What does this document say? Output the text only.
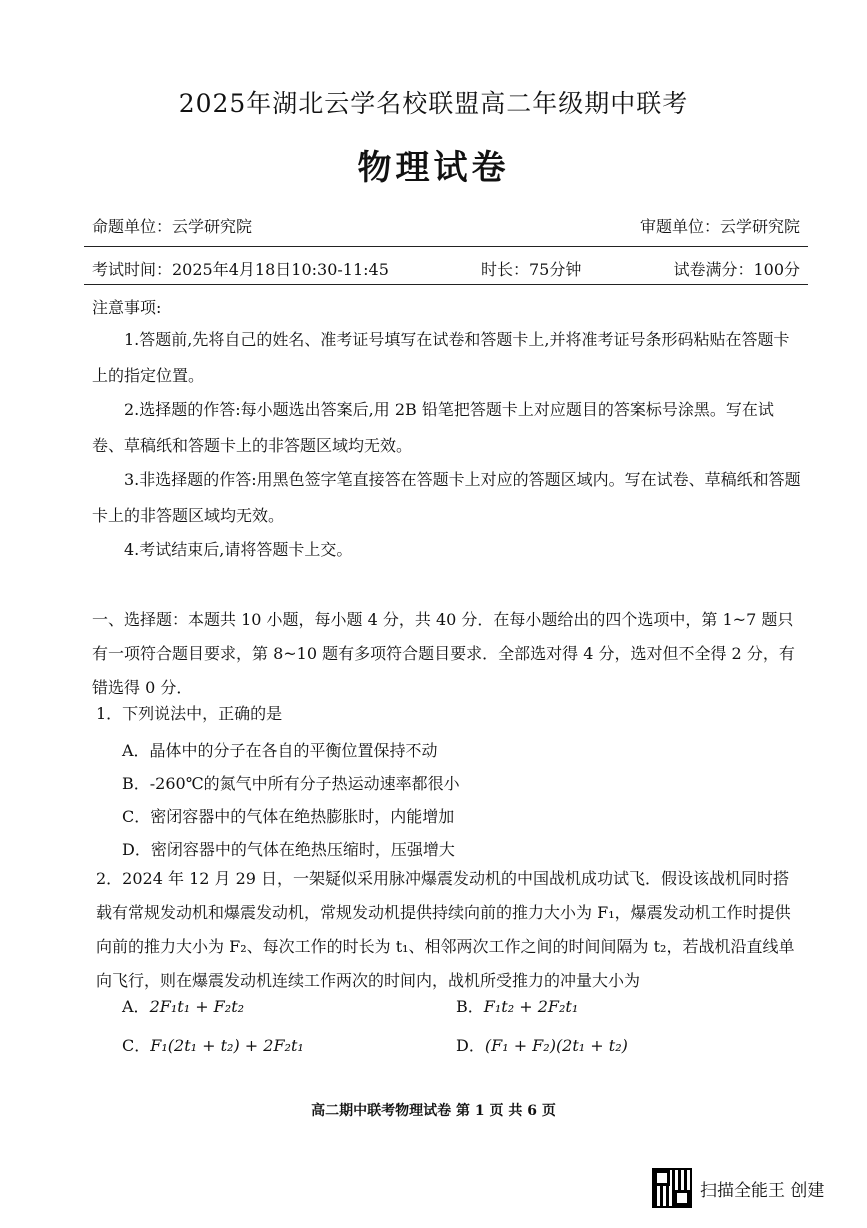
2025年湖北云学名校联盟高二年级期中联考
物理试卷
命题单位：云学研究院	审题单位：云学研究院
考试时间：2025年4月18日10:30-11:45	时长：75分钟	试卷满分：100分
注意事项:
1.答题前,先将自己的姓名、准考证号填写在试卷和答题卡上,并将准考证号条形码粘贴在答题卡上的指定位置。
2.选择题的作答:每小题选出答案后,用 2B 铅笔把答题卡上对应题目的答案标号涂黑。写在试卷、草稿纸和答题卡上的非答题区域均无效。
3.非选择题的作答:用黑色签字笔直接答在答题卡上对应的答题区域内。写在试卷、草稿纸和答题卡上的非答题区域均无效。
4.考试结束后,请将答题卡上交。
一、选择题：本题共 10 小题，每小题 4 分，共 40 分．在每小题给出的四个选项中，第 1~7 题只有一项符合题目要求，第 8~10 题有多项符合题目要求．全部选对得 4 分，选对但不全得 2 分，有错选得 0 分．
1．下列说法中，正确的是
A．晶体中的分子在各自的平衡位置保持不动
B．-260℃的氮气中所有分子热运动速率都很小
C．密闭容器中的气体在绝热膨胀时，内能增加
D．密闭容器中的气体在绝热压缩时，压强增大
2．2024 年 12 月 29 日，一架疑似采用脉冲爆震发动机的中国战机成功试飞．假设该战机同时搭载有常规发动机和爆震发动机，常规发动机提供持续向前的推力大小为 F₁，爆震发动机工作时提供向前的推力大小为 F₂、每次工作的时长为 t₁、相邻两次工作之间的时间间隔为 t₂，若战机沿直线单向飞行，则在爆震发动机连续工作两次的时间内，战机所受推力的冲量大小为
A．2F₁t₁ + F₂t₂	B．F₁t₂ + 2F₂t₁
C．F₁(2t₁ + t₂) + 2F₂t₁	D．(F₁ + F₂)(2t₁ + t₂)
高二期中联考物理试卷 第 1 页 共 6 页
扫描全能王 创建
